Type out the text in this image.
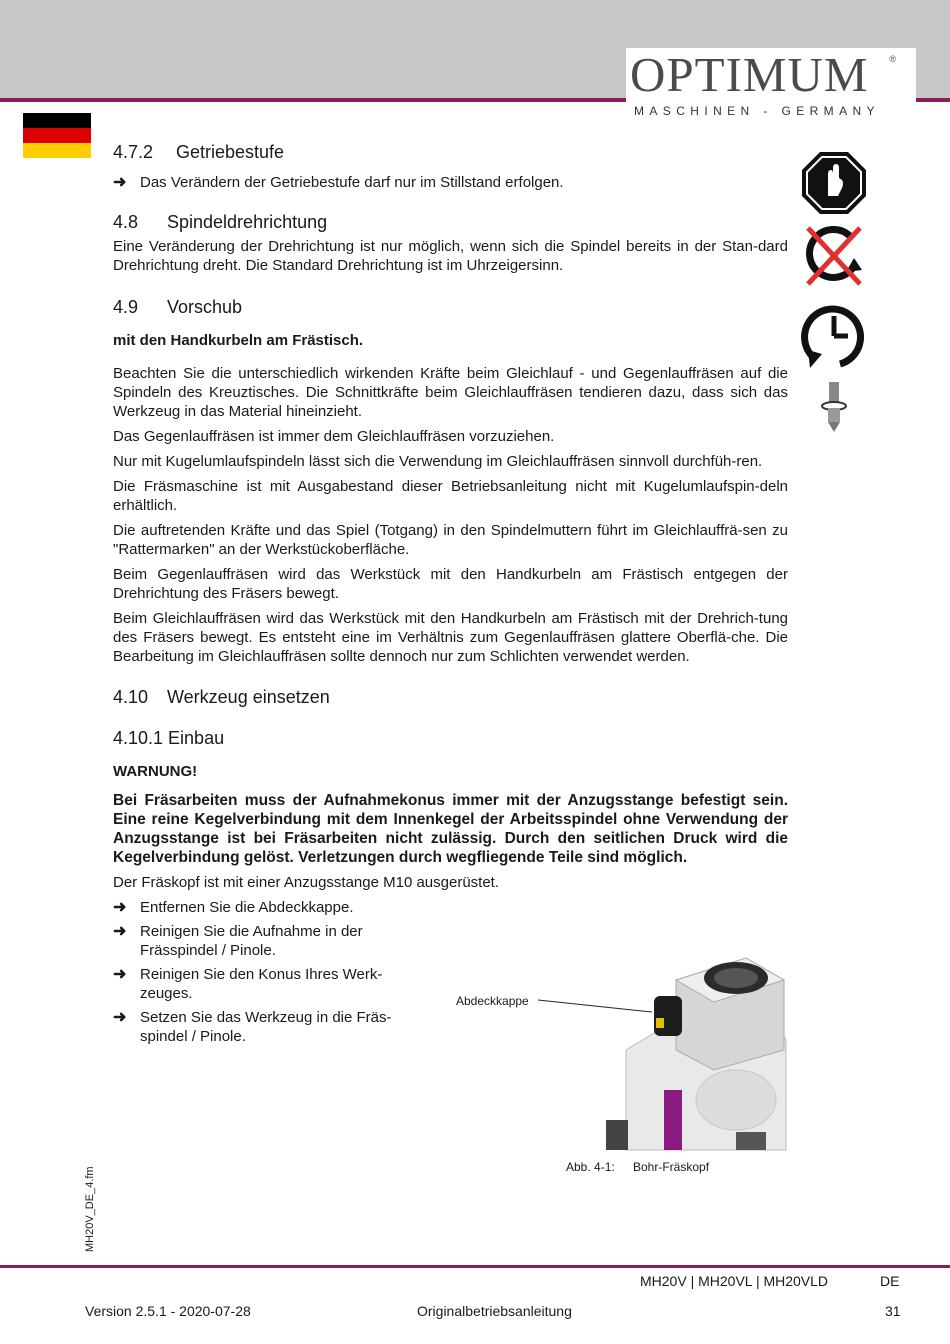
OPTIMUM ®
MASCHINEN - GERMANY
4.7.2	Getriebestufe
➜ Das Verändern der Getriebestufe darf nur im Stillstand erfolgen.
4.8	Spindeldrehrichtung

Eine Veränderung der Drehrichtung ist nur möglich, wenn sich die Spindel bereits in der Stan-dard Drehrichtung dreht. Die Standard Drehrichtung ist im Uhrzeigersinn.

4.9	Vorschub

mit den Handkurbeln am Frästisch.

Beachten Sie die unterschiedlich wirkenden Kräfte beim Gleichlauf - und Gegenlauffräsen auf die Spindeln des Kreuztisches. Die Schnittkräfte beim Gleichlauffräsen tendieren dazu, dass sich das Werkzeug in das Material hineinzieht.

Das Gegenlauffräsen ist immer dem Gleichlauffräsen vorzuziehen.

Nur mit Kugelumlaufspindeln lässt sich die Verwendung im Gleichlauffräsen sinnvoll durchfüh-ren.

Die Fräsmaschine ist mit Ausgabestand dieser Betriebsanleitung nicht mit Kugelumlaufspin-deln erhältlich.

Die auftretenden Kräfte und das Spiel (Totgang) in den Spindelmuttern führt im Gleichlauffrä-sen zu "Rattermarken" an der Werkstückoberfläche.

Beim Gegenlauffräsen wird das Werkstück mit den Handkurbeln am Frästisch entgegen der Drehrichtung des Fräsers bewegt.

Beim Gleichlauffräsen wird das Werkstück mit den Handkurbeln am Frästisch mit der Drehrich-tung des Fräsers bewegt. Es entsteht eine im Verhältnis zum Gegenlauffräsen glattere Oberflä-che. Die Bearbeitung im Gleichlauffräsen sollte dennoch nur zum Schlichten verwendet werden.

4.10	Werkzeug einsetzen
4.10.1 Einbau

WARNUNG!

Bei Fräsarbeiten muss der Aufnahmekonus immer mit der Anzugsstange befestigt sein. Eine reine Kegelverbindung mit dem Innenkegel der Arbeitsspindel ohne Verwendung der Anzugsstange ist bei Fräsarbeiten nicht zulässig. Durch den seitlichen Druck wird die Kegelverbindung gelöst. Verletzungen durch wegfliegende Teile sind möglich.

Der Fräskopf ist mit einer Anzugsstange M10 ausgerüstet.

➜ Entfernen Sie die Abdeckkappe.
➜ Reinigen Sie die Aufnahme in der Frässpindel / Pinole.
➜ Reinigen Sie den Konus Ihres Werk-zeuges.
➜ Setzen Sie das Werkzeug in die Fräs-spindel / Pinole.
Abdeckkappe
Abb. 4-1: Bohr-Fräskopf
MH20V_DE_4.fm
MH20V | MH20VL | MH20VLD	DE
Version 2.5.1 - 2020-07-28	Originalbetriebsanleitung	31
